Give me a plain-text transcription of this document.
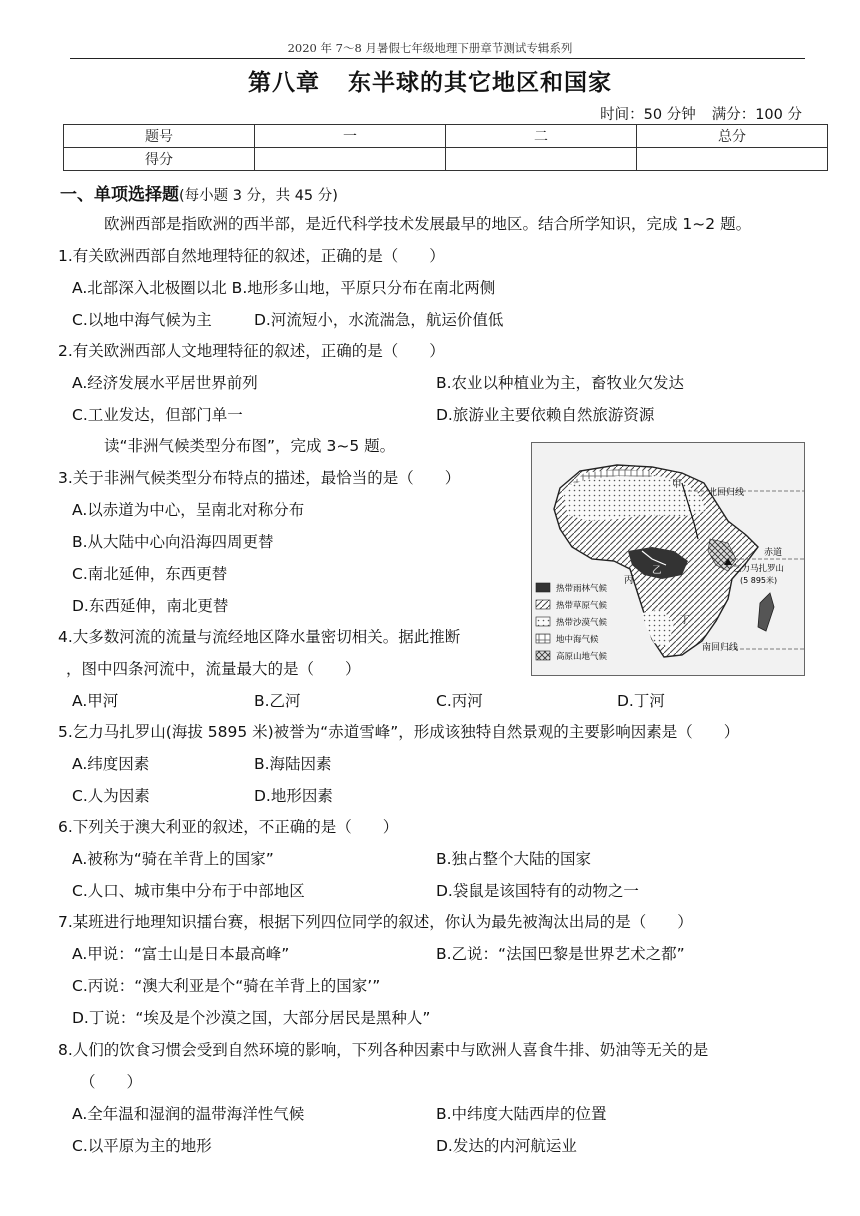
2020 年 7～8 月暑假七年级地理下册章节测试专辑系列
第八章 东半球的其它地区和国家
时间：50 分钟 满分：100 分
题号	一	二	总分
得分			
一、单项选择题(每小题 3 分，共 45 分)
欧洲西部是指欧洲的西半部，是近代科学技术发展最早的地区。结合所学知识，完成 1~2 题。
1.有关欧洲西部自然地理特征的叙述，正确的是（　　）
A.北部深入北极圈以北 B.地形多山地，平原只分布在南北两侧
C.以地中海气候为主	D.河流短小，水流湍急，航运价值低
2.有关欧洲西部人文地理特征的叙述，正确的是（　　）
A.经济发展水平居世界前列	B.农业以种植业为主，畜牧业欠发达
C.工业发达，但部门单一	D.旅游业主要依赖自然旅游资源
读“非洲气候类型分布图”，完成 3~5 题。
3.关于非洲气候类型分布特点的描述，最恰当的是（　　）
A.以赤道为中心，呈南北对称分布
B.从大陆中心向沿海四周更替
C.南北延伸，东西更替
D.东西延伸，南北更替
4.大多数河流的流量与流经地区降水量密切相关。据此推断
，图中四条河流中，流量最大的是（　　）
A.甲河	B.乙河	C.丙河	D.丁河
5.乞力马扎罗山(海拔 5895 米)被誉为“赤道雪峰”，形成该独特自然景观的主要影响因素是（　　）
A.纬度因素	B.海陆因素
C.人为因素	D.地形因素
6.下列关于澳大利亚的叙述，不正确的是（　　）
A.被称为“骑在羊背上的国家”	B.独占整个大陆的国家
C.人口、城市集中分布于中部地区	D.袋鼠是该国特有的动物之一
7.某班进行地理知识擂台赛，根据下列四位同学的叙述，你认为最先被淘汰出局的是（　　）
A.甲说：“富士山是日本最高峰”	B.乙说：“法国巴黎是世界艺术之都”
C.丙说：“澳大利亚是个“骑在羊背上的国家’”
D.丁说：“埃及是个沙漠之国，大部分居民是黑种人”
8.人们的饮食习惯会受到自然环境的影响，下列各种因素中与欧洲人喜食牛排、奶油等无关的是
（　　）
A.全年温和湿润的温带海洋性气候	B.中纬度大陆西岸的位置
C.以平原为主的地形	D.发达的内河航运业
热带雨林气候
热带草原气候
热带沙漠气候
地中海气候
高原山地气候
甲
乙
丙
丁
北回归线
赤道
南回归线
乞力马扎罗山
(5 895米)
